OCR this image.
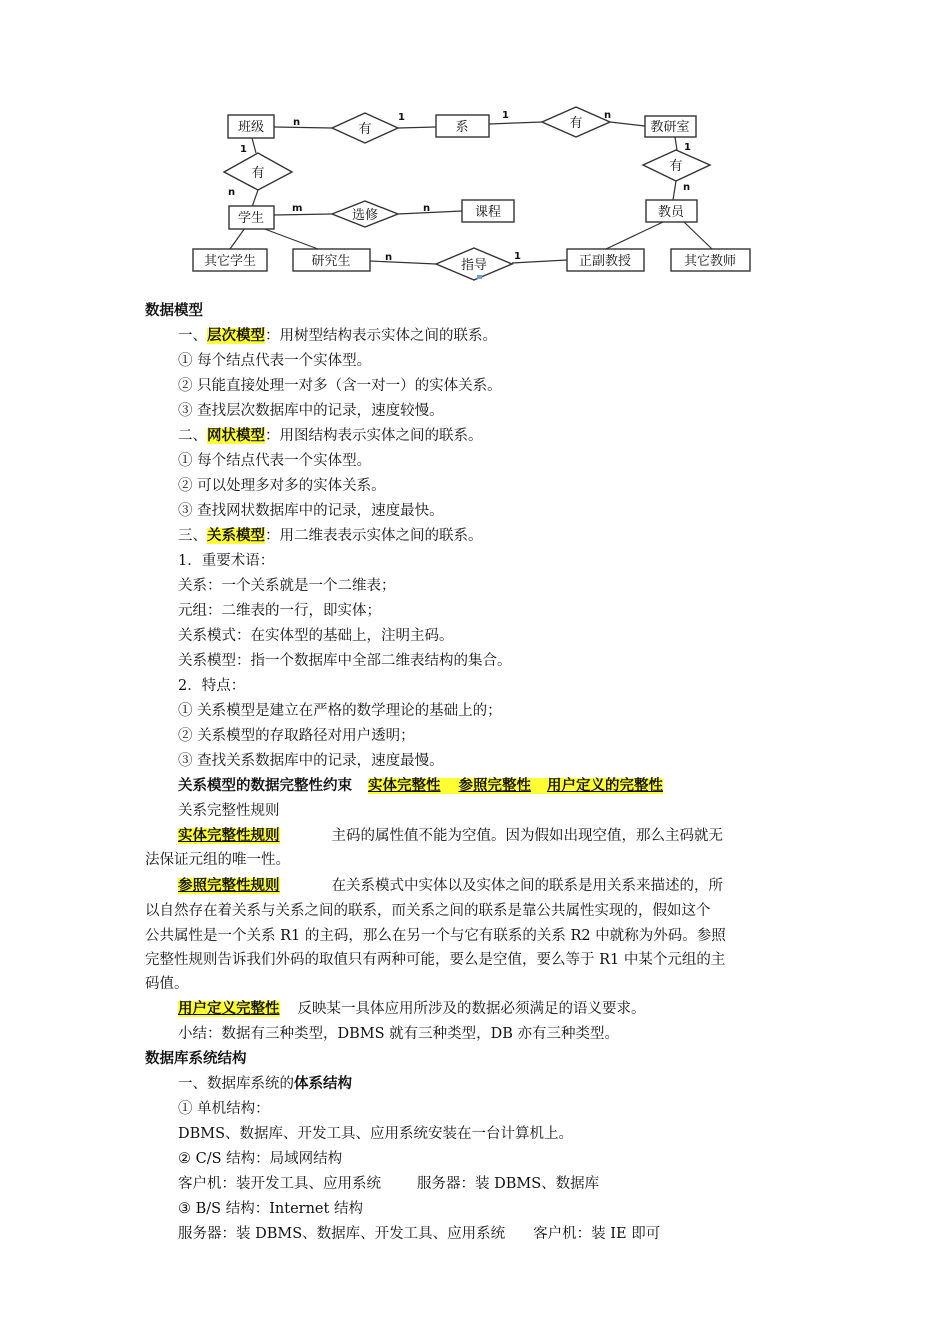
班级	系	教研室
学生	课程	教员
其它学生	研究生	正副教授	其它教师
有	有
有
有
选修
指导
n	1	1	n
1
n
1
n
m	n
n	1
数据模型
一、层次模型：用树型结构表示实体之间的联系。
① 每个结点代表一个实体型。
② 只能直接处理一对多（含一对一）的实体关系。
③ 查找层次数据库中的记录，速度较慢。
二、网状模型：用图结构表示实体之间的联系。
① 每个结点代表一个实体型。
② 可以处理多对多的实体关系。
③ 查找网状数据库中的记录，速度最快。
三、关系模型：用二维表表示实体之间的联系。
1．重要术语：
关系：一个关系就是一个二维表；
元组：二维表的一行，即实体；
关系模式：在实体型的基础上，注明主码。
关系模型：指一个数据库中全部二维表结构的集合。
2．特点：
① 关系模型是建立在严格的数学理论的基础上的；
② 关系模型的存取路径对用户透明；
③ 查找关系数据库中的记录，速度最慢。
关系模型的数据完整性约束 实体完整性 参照完整性 用户定义的完整性
关系完整性规则
实体完整性规则	主码的属性值不能为空值。因为假如出现空值，那么主码就无
法保证元组的唯一性。
参照完整性规则	在关系模式中实体以及实体之间的联系是用关系来描述的，所
以自然存在着关系与关系之间的联系，而关系之间的联系是靠公共属性实现的，假如这个
公共属性是一个关系 R1 的主码，那么在另一个与它有联系的关系 R2 中就称为外码。参照
完整性规则告诉我们外码的取值只有两种可能，要么是空值，要么等于 R1 中某个元组的主
码值。
用户定义完整性 反映某一具体应用所涉及的数据必须满足的语义要求。
小结：数据有三种类型，DBMS 就有三种类型，DB 亦有三种类型。
数据库系统结构
一、数据库系统的体系结构
① 单机结构：
DBMS、数据库、开发工具、应用系统安装在一台计算机上。
② C/S 结构：局域网结构
客户机：装开发工具、应用系统 服务器：装 DBMS、数据库
③ B/S 结构：Internet 结构
服务器：装 DBMS、数据库、开发工具、应用系统 客户机：装 IE 即可
